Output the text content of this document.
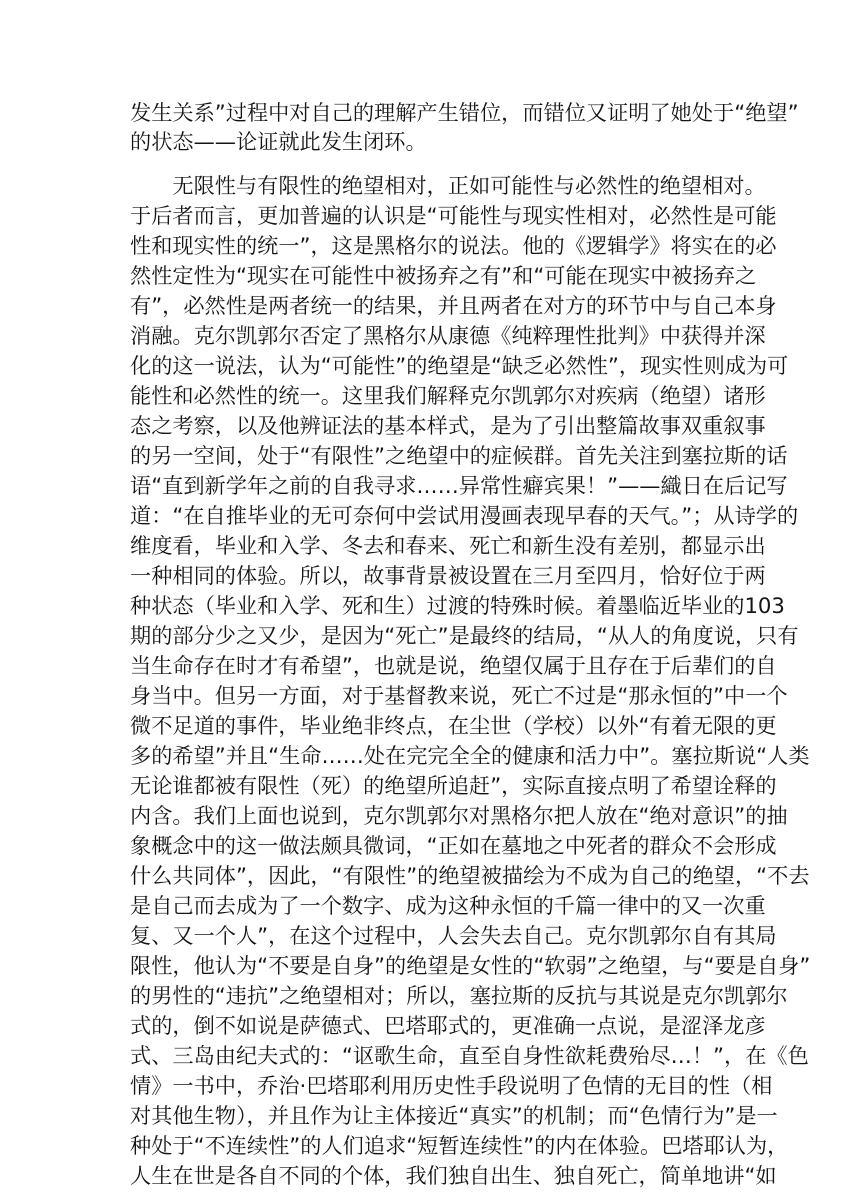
发生关系”过程中对自己的理解产生错位，而错位又证明了她处于“绝望”
的状态——论证就此发生闭环。
　　无限性与有限性的绝望相对，正如可能性与必然性的绝望相对。
于后者而言，更加普遍的认识是“可能性与现实性相对，必然性是可能
性和现实性的统一”，这是黑格尔的说法。他的《逻辑学》将实在的必
然性定性为“现实在可能性中被扬弃之有”和“可能在现实中被扬弃之
有”，必然性是两者统一的结果，并且两者在对方的环节中与自己本身
消融。克尔凯郭尔否定了黑格尔从康德《纯粹理性批判》中获得并深
化的这一说法，认为“可能性”的绝望是“缺乏必然性”，现实性则成为可
能性和必然性的统一。这里我们解释克尔凯郭尔对疾病（绝望）诸形
态之考察，以及他辨证法的基本样式，是为了引出整篇故事双重叙事
的另一空间，处于“有限性”之绝望中的症候群。首先关注到塞拉斯的话
语“直到新学年之前的自我寻求……异常性癖宾果！”——織日在后记写
道：“在自推毕业的无可奈何中尝试用漫画表现早春的天气。”；从诗学的
维度看，毕业和入学、冬去和春来、死亡和新生没有差别，都显示出
一种相同的体验。所以，故事背景被设置在三月至四月，恰好位于两
种状态（毕业和入学、死和生）过渡的特殊时候。着墨临近毕业的103
期的部分少之又少，是因为“死亡”是最终的结局，“从人的角度说，只有
当生命存在时才有希望”，也就是说，绝望仅属于且存在于后辈们的自
身当中。但另一方面，对于基督教来说，死亡不过是“那永恒的”中一个
微不足道的事件，毕业绝非终点，在尘世（学校）以外“有着无限的更
多的希望”并且“生命……处在完完全全的健康和活力中”。塞拉斯说“人类
无论谁都被有限性（死）的绝望所追赶”，实际直接点明了希望诠释的
内含。我们上面也说到，克尔凯郭尔对黑格尔把人放在“绝对意识”的抽
象概念中的这一做法颇具微词，“正如在墓地之中死者的群众不会形成
什么共同体”，因此，“有限性”的绝望被描绘为不成为自己的绝望，“不去
是自己而去成为了一个数字、成为这种永恒的千篇一律中的又一次重
复、又一个人”，在这个过程中，人会失去自己。克尔凯郭尔自有其局
限性，他认为“不要是自身”的绝望是女性的“软弱”之绝望，与“要是自身”
的男性的“违抗”之绝望相对；所以，塞拉斯的反抗与其说是克尔凯郭尔
式的，倒不如说是萨德式、巴塔耶式的，更准确一点说，是涩泽龙彦
式、三岛由纪夫式的：“讴歌生命，直至自身性欲耗费殆尽…！”，在《色
情》一书中，乔治·巴塔耶利用历史性手段说明了色情的无目的性（相
对其他生物），并且作为让主体接近“真实”的机制；而“色情行为”是一
种处于“不连续性”的人们追求“短暂连续性”的内在体验。巴塔耶认为，
人生在世是各自不同的个体，我们独自出生、独自死亡，简单地讲“如
